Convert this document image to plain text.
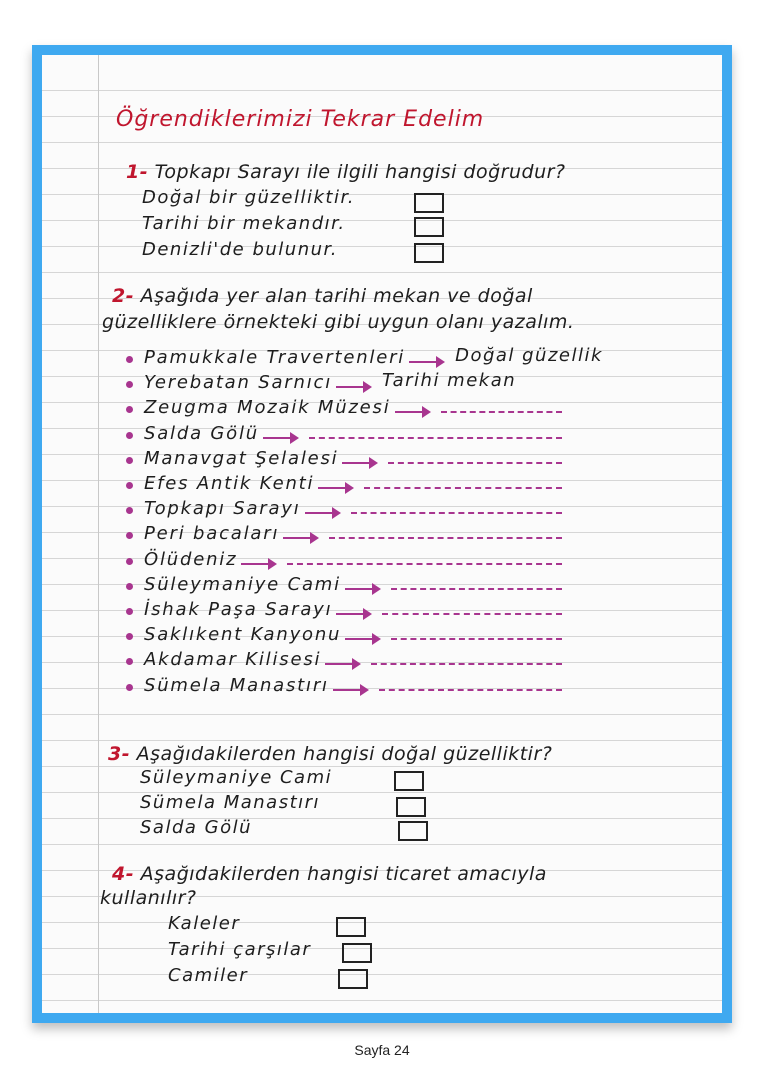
Öğrendiklerimizi Tekrar Edelim
1- Topkapı Sarayı ile ilgili hangisi doğrudur?
Doğal bir güzelliktir.
Tarihi bir mekandır.
Denizli'de bulunur.
2- Aşağıda yer alan tarihi mekan ve doğal
güzelliklere örnekteki gibi uygun olanı yazalım.
Pamukkale Travertenleri	Doğal güzellik
Yerebatan Sarnıcı	Tarihi mekan
Zeugma Mozaik Müzesi
Salda Gölü
Manavgat Şelalesi
Efes Antik Kenti
Topkapı Sarayı
Peri bacaları
Ölüdeniz
Süleymaniye Cami
İshak Paşa Sarayı
Saklıkent Kanyonu
Akdamar Kilisesi
Sümela Manastırı
3- Aşağıdakilerden hangisi doğal güzelliktir?
Süleymaniye Cami
Sümela Manastırı
Salda Gölü
4- Aşağıdakilerden hangisi ticaret amacıyla
kullanılır?
Kaleler
Tarihi çarşılar
Camiler
Sayfa 24
